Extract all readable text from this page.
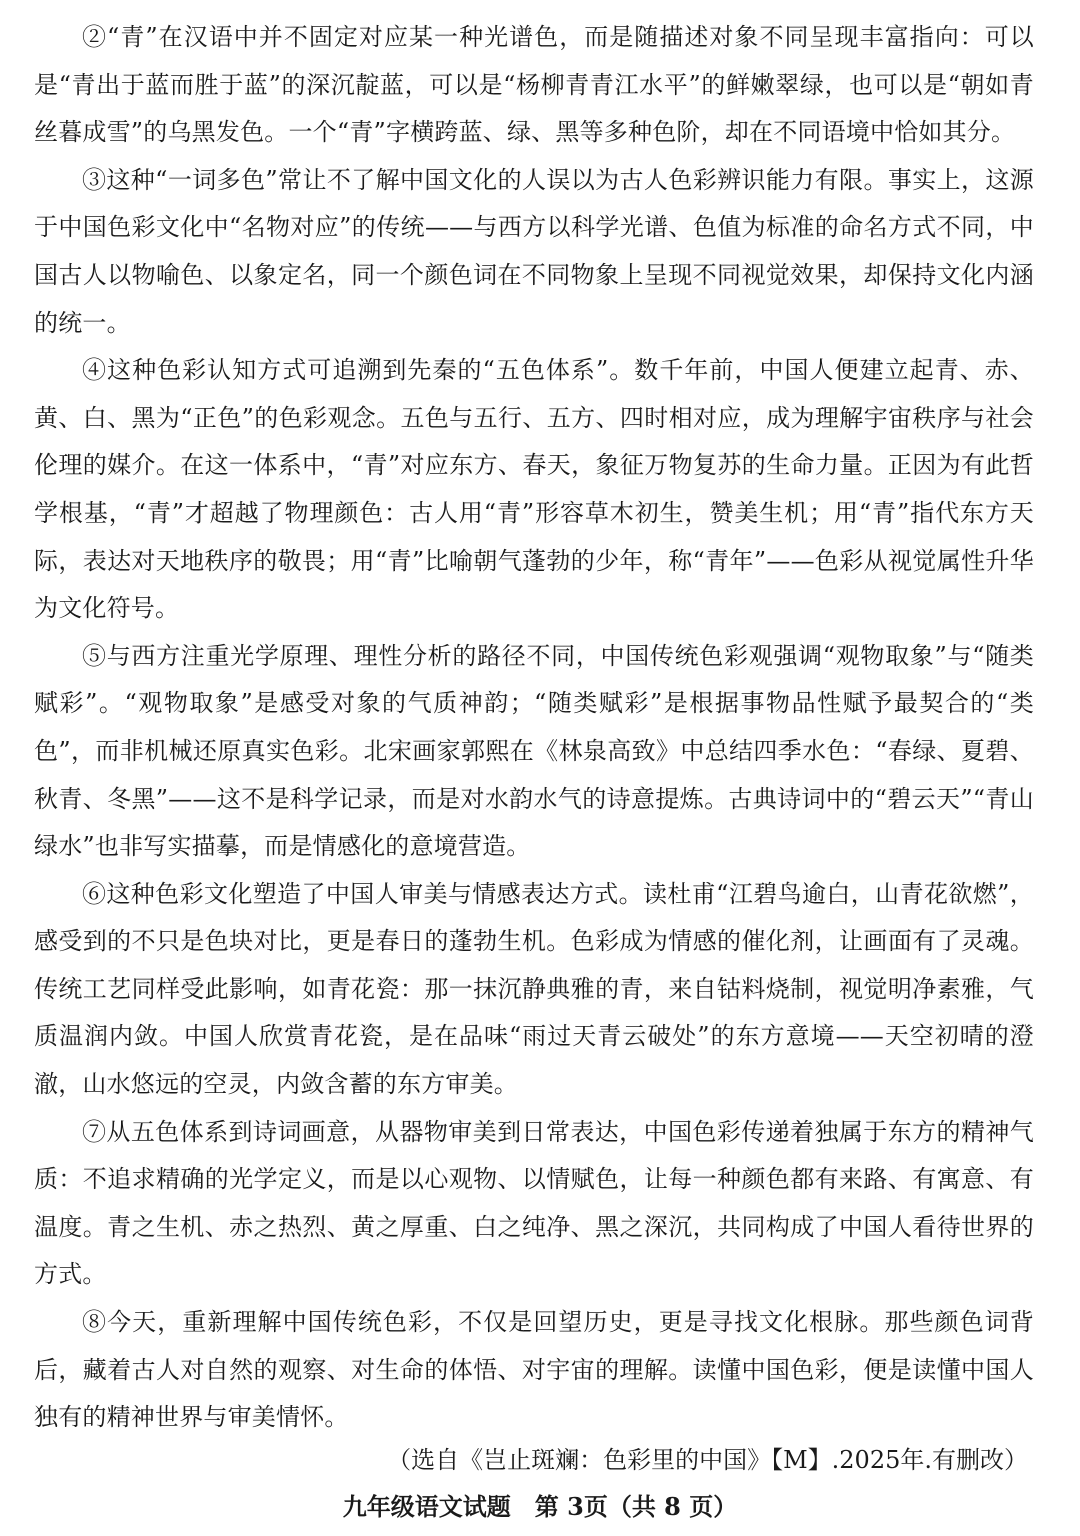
②“青”在汉语中并不固定对应某一种光谱色，而是随描述对象不同呈现丰富指向：可以是“青出于蓝而胜于蓝”的深沉靛蓝，可以是“杨柳青青江水平”的鲜嫩翠绿，也可以是“朝如青丝暮成雪”的乌黑发色。一个“青”字横跨蓝、绿、黑等多种色阶，却在不同语境中恰如其分。

③这种“一词多色”常让不了解中国文化的人误以为古人色彩辨识能力有限。事实上，这源于中国色彩文化中“名物对应”的传统——与西方以科学光谱、色值为标准的命名方式不同，中国古人以物喻色、以象定名，同一个颜色词在不同物象上呈现不同视觉效果，却保持文化内涵的统一。

④这种色彩认知方式可追溯到先秦的“五色体系”。数千年前，中国人便建立起青、赤、黄、白、黑为“正色”的色彩观念。五色与五行、五方、四时相对应，成为理解宇宙秩序与社会伦理的媒介。在这一体系中，“青”对应东方、春天，象征万物复苏的生命力量。正因为有此哲学根基，“青”才超越了物理颜色：古人用“青”形容草木初生，赞美生机；用“青”指代东方天际，表达对天地秩序的敬畏；用“青”比喻朝气蓬勃的少年，称“青年”——色彩从视觉属性升华为文化符号。

⑤与西方注重光学原理、理性分析的路径不同，中国传统色彩观强调“观物取象”与“随类赋彩”。“观物取象”是感受对象的气质神韵；“随类赋彩”是根据事物品性赋予最契合的“类色”，而非机械还原真实色彩。北宋画家郭熙在《林泉高致》中总结四季水色：“春绿、夏碧、秋青、冬黑”——这不是科学记录，而是对水韵水气的诗意提炼。古典诗词中的“碧云天”“青山绿水”也非写实描摹，而是情感化的意境营造。

⑥这种色彩文化塑造了中国人审美与情感表达方式。读杜甫“江碧鸟逾白，山青花欲燃”，感受到的不只是色块对比，更是春日的蓬勃生机。色彩成为情感的催化剂，让画面有了灵魂。传统工艺同样受此影响，如青花瓷：那一抹沉静典雅的青，来自钴料烧制，视觉明净素雅，气质温润内敛。中国人欣赏青花瓷，是在品味“雨过天青云破处”的东方意境——天空初晴的澄澈，山水悠远的空灵，内敛含蓄的东方审美。

⑦从五色体系到诗词画意，从器物审美到日常表达，中国色彩传递着独属于东方的精神气质：不追求精确的光学定义，而是以心观物、以情赋色，让每一种颜色都有来路、有寓意、有温度。青之生机、赤之热烈、黄之厚重、白之纯净、黑之深沉，共同构成了中国人看待世界的方式。

⑧今天，重新理解中国传统色彩，不仅是回望历史，更是寻找文化根脉。那些颜色词背后，藏着古人对自然的观察、对生命的体悟、对宇宙的理解。读懂中国色彩，便是读懂中国人独有的精神世界与审美情怀。

（选自《岂止斑斓：色彩里的中国》【M】.2025年.有删改）
九年级语文试题　第 3页（共 8 页）
